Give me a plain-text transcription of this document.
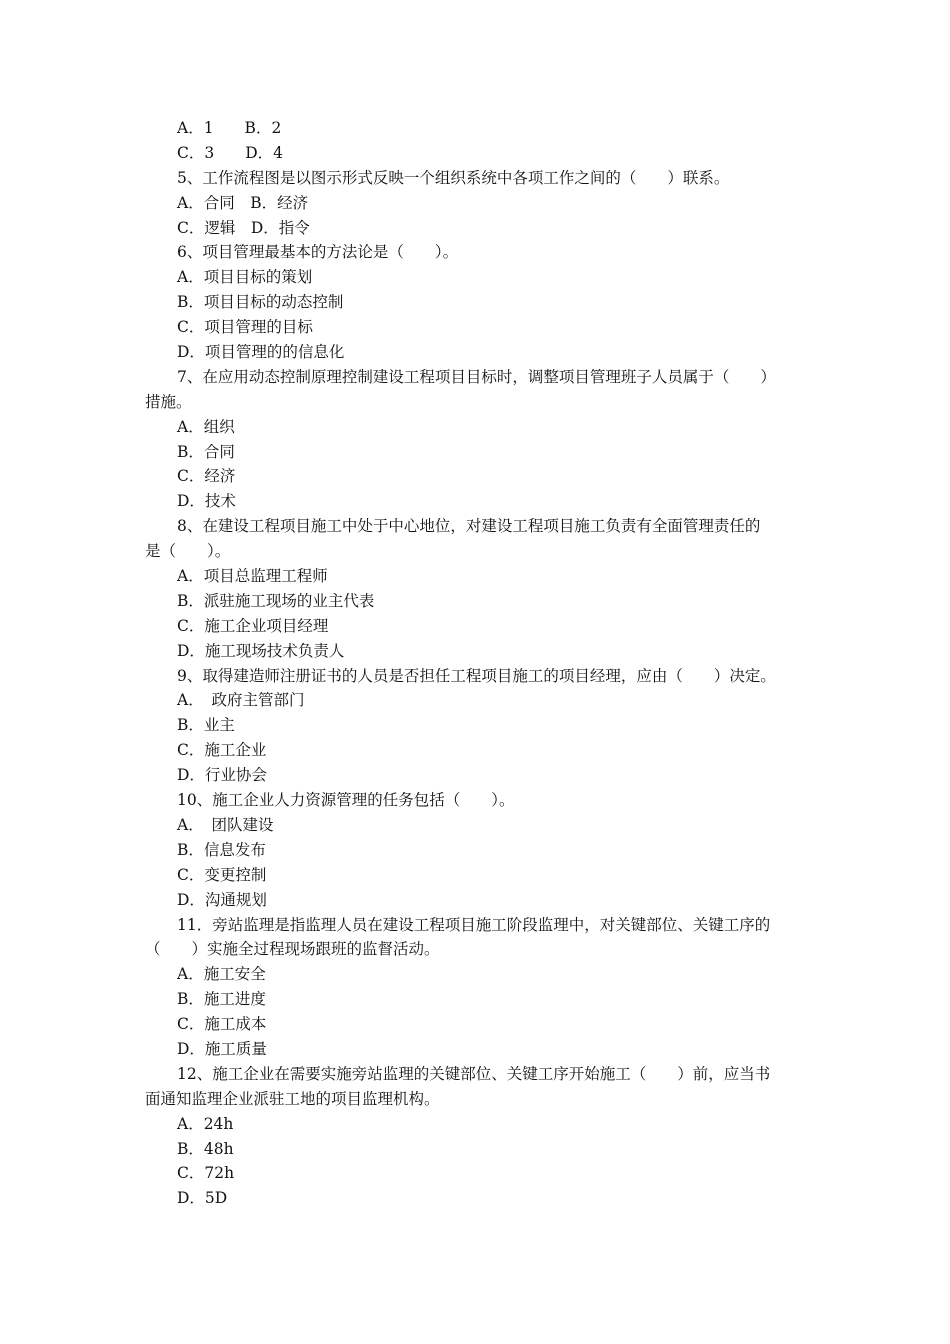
A．1　　B．2
C．3　　D．4
5、工作流程图是以图示形式反映一个组织系统中各项工作之间的（　　）联系。
A．合同　B．经济
C．逻辑　D．指令
6、项目管理最基本的方法论是（　　）。
A．项目目标的策划
B．项目目标的动态控制
C．项目管理的目标
D．项目管理的的信息化
7、在应用动态控制原理控制建设工程项目目标时，调整项目管理班子人员属于（　　）
措施。
A．组织
B．合同
C．经济
D．技术
8、在建设工程项目施工中处于中心地位，对建设工程项目施工负责有全面管理责任的
是（　　）。
A．项目总监理工程师
B．派驻施工现场的业主代表
C．施工企业项目经理
D．施工现场技术负责人
9、取得建造师注册证书的人员是否担任工程项目施工的项目经理，应由（　　）决定。
A．　政府主管部门
B．业主
C．施工企业
D．行业协会
10、施工企业人力资源管理的任务包括（　　）。
A．　团队建设
B．信息发布
C．变更控制
D．沟通规划
11．旁站监理是指监理人员在建设工程项目施工阶段监理中，对关键部位、关键工序的
（　　）实施全过程现场跟班的监督活动。
A．施工安全
B．施工进度
C．施工成本
D．施工质量
12、施工企业在需要实施旁站监理的关键部位、关键工序开始施工（　　）前，应当书
面通知监理企业派驻工地的项目监理机构。
A．24h
B．48h
C．72h
D．5D
